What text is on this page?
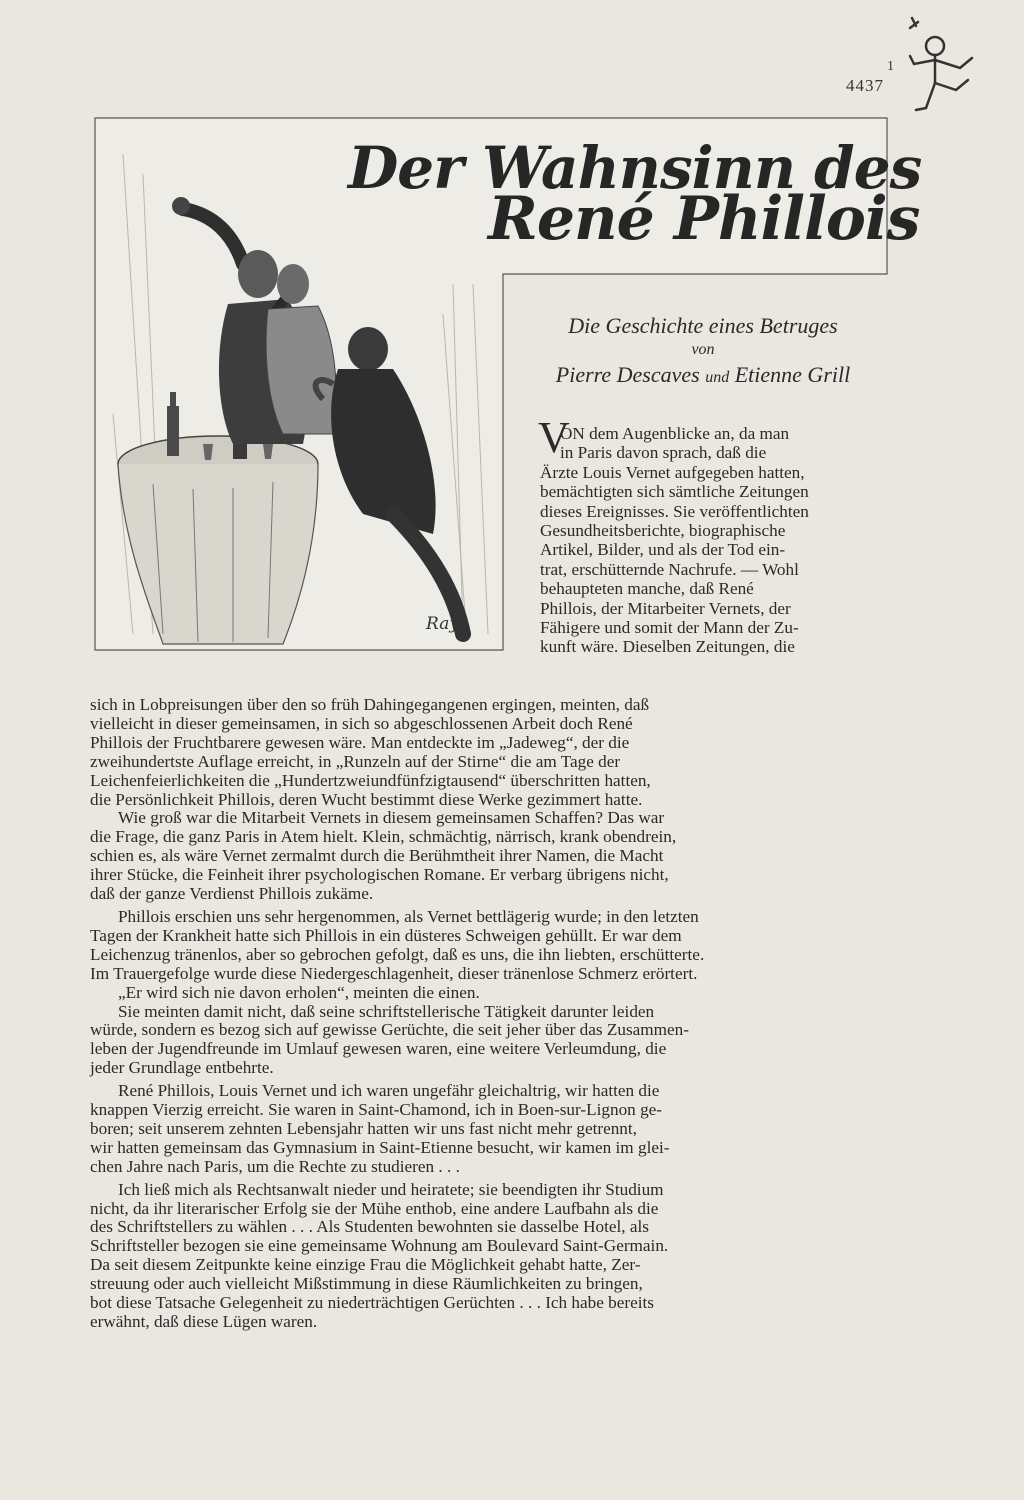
4437
1
Der Wahnsinn des
René Phillois
Ray
Die Geschichte eines Betruges
von
Pierre Descaves und Etienne Grill
V
ON dem Augenblicke an, da man
in Paris davon sprach, daß die
Ärzte Louis Vernet aufgegeben hatten,
bemächtigten sich sämtliche Zeitungen
dieses Ereignisses. Sie veröffentlichten
Gesundheitsberichte, biographische
Artikel, Bilder, und als der Tod ein-
trat, erschütternde Nachrufe. — Wohl
behaupteten manche, daß René
Phillois, der Mitarbeiter Vernets, der
Fähigere und somit der Mann der Zu-
kunft wäre. Dieselben Zeitungen, die
sich in Lobpreisungen über den so früh Dahingegangenen ergingen, meinten, daß
vielleicht in dieser gemeinsamen, in sich so abgeschlossenen Arbeit doch René
Phillois der Fruchtbarere gewesen wäre. Man entdeckte im „Jadeweg“, der die
zweihundertste Auflage erreicht, in „Runzeln auf der Stirne“ die am Tage der
Leichenfeierlichkeiten die „Hundertzweiundfünfzigtausend“ überschritten hatten,
die Persönlichkeit Phillois, deren Wucht bestimmt diese Werke gezimmert hatte.
Wie groß war die Mitarbeit Vernets in diesem gemeinsamen Schaffen? Das war
die Frage, die ganz Paris in Atem hielt. Klein, schmächtig, närrisch, krank obendrein,
schien es, als wäre Vernet zermalmt durch die Berühmtheit ihrer Namen, die Macht
ihrer Stücke, die Feinheit ihrer psychologischen Romane. Er verbarg übrigens nicht,
daß der ganze Verdienst Phillois zukäme.
Phillois erschien uns sehr hergenommen, als Vernet bettlägerig wurde; in den letzten
Tagen der Krankheit hatte sich Phillois in ein düsteres Schweigen gehüllt. Er war dem
Leichenzug tränenlos, aber so gebrochen gefolgt, daß es uns, die ihn liebten, erschütterte.
Im Trauergefolge wurde diese Niedergeschlagenheit, dieser tränenlose Schmerz erörtert.
„Er wird sich nie davon erholen“, meinten die einen.
Sie meinten damit nicht, daß seine schriftstellerische Tätigkeit darunter leiden
würde, sondern es bezog sich auf gewisse Gerüchte, die seit jeher über das Zusammen-
leben der Jugendfreunde im Umlauf gewesen waren, eine weitere Verleumdung, die
jeder Grundlage entbehrte.
René Phillois, Louis Vernet und ich waren ungefähr gleichaltrig, wir hatten die
knappen Vierzig erreicht. Sie waren in Saint-Chamond, ich in Boen-sur-Lignon ge-
boren; seit unserem zehnten Lebensjahr hatten wir uns fast nicht mehr getrennt,
wir hatten gemeinsam das Gymnasium in Saint-Etienne besucht, wir kamen im glei-
chen Jahre nach Paris, um die Rechte zu studieren . . .
Ich ließ mich als Rechtsanwalt nieder und heiratete; sie beendigten ihr Studium
nicht, da ihr literarischer Erfolg sie der Mühe enthob, eine andere Laufbahn als die
des Schriftstellers zu wählen . . . Als Studenten bewohnten sie dasselbe Hotel, als
Schriftsteller bezogen sie eine gemeinsame Wohnung am Boulevard Saint-Germain.
Da seit diesem Zeitpunkte keine einzige Frau die Möglichkeit gehabt hatte, Zer-
streuung oder auch vielleicht Mißstimmung in diese Räumlichkeiten zu bringen,
bot diese Tatsache Gelegenheit zu niederträchtigen Gerüchten . . . Ich habe bereits
erwähnt, daß diese Lügen waren.
